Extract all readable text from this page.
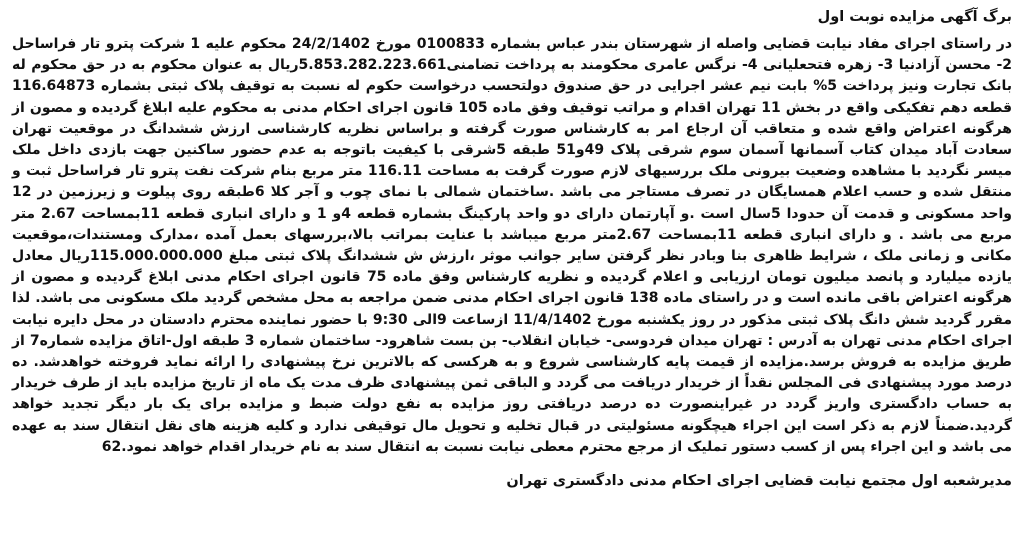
برگ آگهی مزایده نوبت اول

در راستای اجرای مفاد نیابت قضایی واصله از شهرستان بندر عباس بشماره 0100833 مورخ 24/2/1402 محکوم علیه 1 شرکت پترو تار فراساحل 2- محسن آزادنیا 3- زهره فتحعلیانی 4- نرگس عامری محکومند به پرداخت تضامنی5.853.282.223.661ریال به عنوان محکوم به در حق محکوم له بانک تجارت ونیز پرداخت 5% بابت نیم عشر اجرایی در حق صندوق دولتحسب درخواست حکوم له نسبت به توقیف پلاک ثبتی بشماره 116.64873 قطعه دهم تفکیکی واقع در بخش 11 تهران اقدام و مراتب توقیف وفق ماده 105 قانون اجرای احکام مدنی به محکوم علیه ابلاغ گردیده و مصون از هرگونه اعتراض واقع شده و متعاقب آن ارجاع امر به کارشناس صورت گرفته و براساس نظریه کارشناسی ارزش ششدانگ در موقعیت تهران سعادت آباد میدان کتاب آسمانها آسمان سوم شرقی پلاک 49و51 طبقه 5شرقی با کیفیت باتوجه به عدم حضور ساکنین جهت بازدی داخل ملک میسر نگردید با مشاهده وضعیت بیرونی ملک بررسیهای لازم صورت گرفت به مساحت 116.11 متر مربع بنام شرکت نفت پترو تار فراساحل ثبت و منتقل شده و حسب اعلام همسایگان در تصرف مستاجر می باشد .ساختمان شمالی با نمای چوب و آجر کلا 6طبقه روی پیلوت و زیرزمین در 12 واحد مسکونی و قدمت آن حدودا 5سال است .و آپارتمان دارای دو واحد پارکینگ بشماره قطعه 4و 1 و دارای انباری قطعه 11بمساحت 2.67 متر مربع می باشد . و دارای انباری قطعه 11بمساحت 2.67متر مربع میباشد با عنایت بمراتب بالا،بررسهای بعمل آمده ،مدارک ومستندات،موقعیت مکانی و زمانی ملک ، شرایط ظاهری بنا وبادر نظر گرفتن سایر جوانب موثر ،ارزش ش ششدانگ پلاک ثبتی مبلغ 115.000.000.000ریال معادل یازده میلیارد و پانصد میلیون تومان ارزیابی و اعلام گردیده و نظریه کارشناس وفق ماده 75 قانون اجرای احکام مدنی ابلاغ گردیده و مصون از هرگونه اعتراض باقی مانده است و در راستای ماده 138 قانون اجرای احکام مدنی ضمن مراجعه به محل مشخص گردید ملک مسکونی می باشد. لذا مقرر گردید شش دانگ پلاک ثبتی مذکور در روز یکشنبه مورخ 11/4/1402 ازساعت 9الی 9:30 با حضور نماینده محترم دادستان در محل دایره نیابت اجرای احکام مدنی تهران به آدرس : تهران میدان فردوسی- خیابان انقلاب- بن بست شاهرود- ساختمان شماره 3 طبقه اول-اتاق مزایده شماره7 از طریق مزایده به فروش برسد.مزایده از قیمت پایه کارشناسی شروع و به هرکسی که بالاترین نرخ پیشنهادی را ارائه نماید فروخته خواهدشد. ده درصد مورد پیشنهادی فی المجلس نقداً از خریدار دریافت می گردد و الباقی ثمن پیشنهادی ظرف مدت یک ماه از تاریخ مزایده باید از طرف خریدار به حساب دادگستری واریز گردد در غیراینصورت ده درصد دریافتی روز مزایده به نفع دولت ضبط و مزایده برای یک بار دیگر تجدید خواهد گردید.ضمناً لازم به ذکر است این اجراء هیچگونه مسئولیتی در قبال تخلیه و تحویل مال توقیفی ندارد و کلیه هزینه های نقل انتقال سند به عهده می باشد و این اجراء پس از کسب دستور تملیک از مرجع محترم معطی نیابت نسبت به انتقال سند به نام خریدار اقدام خواهد نمود.62

مدیرشعبه اول مجتمع نیابت قضایی اجرای احکام مدنی دادگستری تهران
